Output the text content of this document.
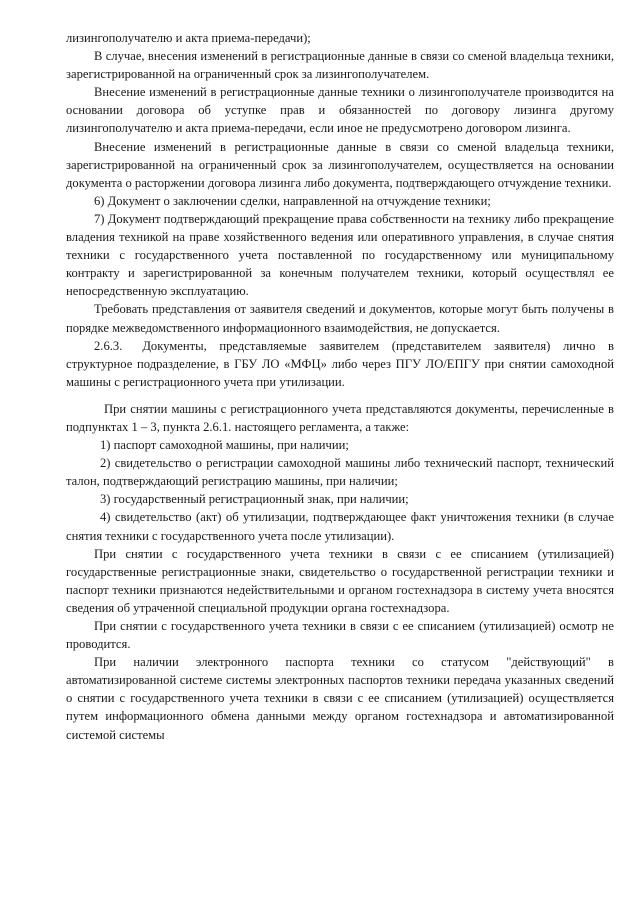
лизингополучателю и акта приема-передачи);

В случае, внесения изменений в регистрационные данные в связи со сменой владельца техники, зарегистрированной на ограниченный срок за лизингополучателем.

Внесение изменений в регистрационные данные техники о лизингополучателе производится на основании договора об уступке прав и обязанностей по договору лизинга другому лизингополучателю и акта приема-передачи, если иное не предусмотрено договором лизинга.

Внесение изменений в регистрационные данные в связи со сменой владельца техники, зарегистрированной на ограниченный срок за лизингополучателем, осуществляется на основании документа о расторжении договора лизинга либо документа, подтверждающего отчуждение техники.

6) Документ о заключении сделки, направленной на отчуждение техники;

7) Документ подтверждающий прекращение права собственности на технику либо прекращение владения техникой на праве хозяйственного ведения или оперативного управления, в случае снятия техники с государственного учета поставленной по государственному или муниципальному контракту и зарегистрированной за конечным получателем техники, который осуществлял ее непосредственную эксплуатацию.

Требовать представления от заявителя сведений и документов, которые могут быть получены в порядке межведомственного информационного взаимодействия, не допускается.

2.6.3. Документы, представляемые заявителем (представителем заявителя) лично в структурное подразделение, в ГБУ ЛО «МФЦ» либо через ПГУ ЛО/ЕПГУ при снятии самоходной машины с регистрационного учета при утилизации.

При снятии машины с регистрационного учета представляются документы, перечисленные в подпунктах 1 – 3, пункта 2.6.1. настоящего регламента, а также:

1) паспорт самоходной машины, при наличии;

2) свидетельство о регистрации самоходной машины либо технический паспорт, технический талон, подтверждающий регистрацию машины, при наличии;

3) государственный регистрационный знак, при наличии;

4) свидетельство (акт) об утилизации, подтверждающее факт уничтожения техники (в случае снятия техники с государственного учета после утилизации).

При снятии с государственного учета техники в связи с ее списанием (утилизацией) государственные регистрационные знаки, свидетельство о государственной регистрации техники и паспорт техники признаются недействительными и органом гостехнадзора в систему учета вносятся сведения об утраченной специальной продукции органа гостехнадзора.

При снятии с государственного учета техники в связи с ее списанием (утилизацией) осмотр не проводится.

При наличии электронного паспорта техники со статусом "действующий" в автоматизированной системе системы электронных паспортов техники передача указанных сведений о снятии с государственного учета техники в связи с ее списанием (утилизацией) осуществляется путем информационного обмена данными между органом гостехнадзора и автоматизированной системой системы
